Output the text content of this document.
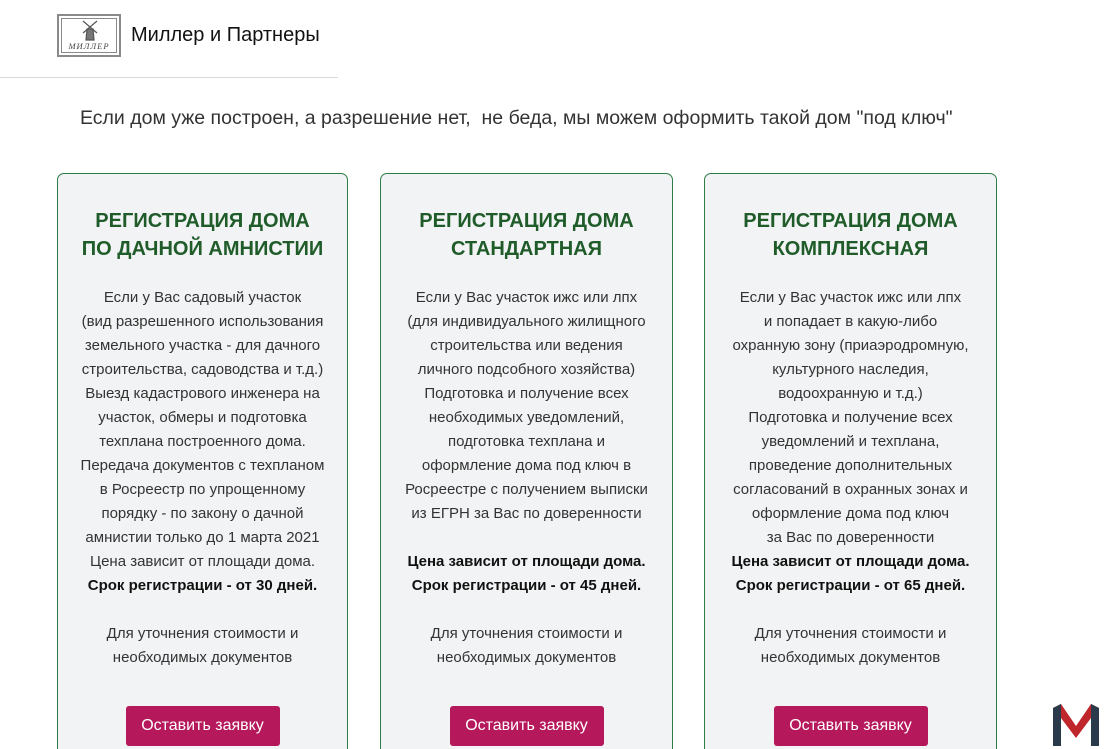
МИЛЛЕР	Миллер и Партнеры
Если дом уже построен, а разрешение нет,  не беда, мы можем оформить такой дом "под ключ"
РЕГИСТРАЦИЯ ДОМА
ПО ДАЧНОЙ АМНИСТИИ
Если у Вас садовый участок
(вид разрешенного использования
земельного участка - для дачного
строительства, садоводства и т.д.)
Выезд кадастрового инженера на
участок, обмеры и подготовка
техплана построенного дома.
Передача документов с техпланом
в Росреестр по упрощенному
порядку - по закону о дачной
амнистии только до 1 марта 2021
Цена зависит от площади дома.
Срок регистрации - от 30 дней.
Для уточнения стоимости и
необходимых документов
Оставить заявку
РЕГИСТРАЦИЯ ДОМА
СТАНДАРТНАЯ
Если у Вас участок ижс или лпх
(для индивидуального жилищного
строительства или ведения
личного подсобного хозяйства)
Подготовка и получение всех
необходимых уведомлений,
подготовка техплана и
оформление дома под ключ в
Росреестре с получением выписки
из ЕГРН за Вас по доверенности
Цена зависит от площади дома.
Срок регистрации - от 45 дней.
Для уточнения стоимости и
необходимых документов
Оставить заявку
РЕГИСТРАЦИЯ ДОМА
КОМПЛЕКСНАЯ
Если у Вас участок ижс или лпх
и попадает в какую-либо
охранную зону (приаэродромную,
культурного наследия,
водоохранную и т.д.)
Подготовка и получение всех
уведомлений и техплана,
проведение дополнительных
согласований в охранных зонах и
оформление дома под ключ
за Вас по доверенности
Цена зависит от площади дома.
Срок регистрации - от 65 дней.
Для уточнения стоимости и
необходимых документов
Оставить заявку
